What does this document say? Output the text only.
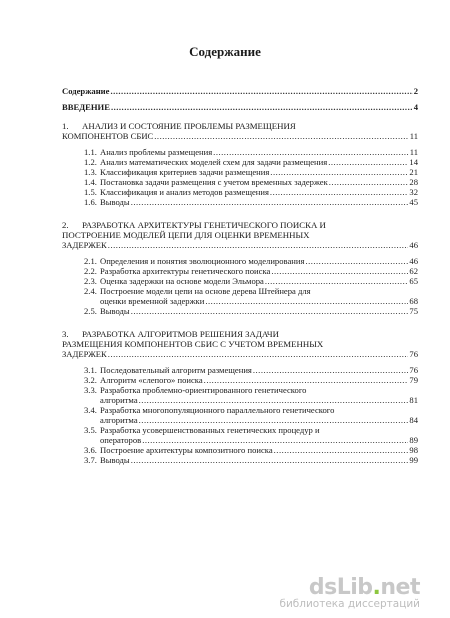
Содержание
Содержание .....	2
ВВЕДЕНИЕ .....	4
1.	АНАЛИЗ И СОСТОЯНИЕ ПРОБЛЕМЫ РАЗМЕЩЕНИЯ
КОМПОНЕНТОВ СБИС .....	11
1.1. Анализ проблемы размещения .....	11
1.2. Анализ математических моделей схем для задачи размещения .....	14
1.3. Классификация критериев задачи размещения .....	21
1.4. Постановка задачи размещения с учетом временных задержек .....	28
1.5. Классификация и анализ методов размещения .....	32
1.6. Выводы .....	45
2.	РАЗРАБОТКА АРХИТЕКТУРЫ ГЕНЕТИЧЕСКОГО ПОИСКА И
ПОСТРОЕНИЕ МОДЕЛЕЙ ЦЕПИ ДЛЯ ОЦЕНКИ ВРЕМЕННЫХ
ЗАДЕРЖЕК .....	46
2.1. Определения и понятия эволюционного моделирования .....	46
2.2. Разработка архитектуры генетического поиска .....	62
2.3. Оценка задержки на основе модели Эльмора .....	65
2.4. Построение модели цепи на основе дерева Штейнера для
оценки временной задержки .....	68
2.5. Выводы .....	75
3.	РАЗРАБОТКА АЛГОРИТМОВ РЕШЕНИЯ ЗАДАЧИ
РАЗМЕЩЕНИЯ КОМПОНЕНТОВ СБИС С УЧЕТОМ ВРЕМЕННЫХ
ЗАДЕРЖЕК .....	76
3.1. Последовательный алгоритм размещения .....	76
3.2. Алгоритм «слепого» поиска .....	79
3.3. Разработка проблемно-ориентированного генетического
алгоритма .....	81
3.4. Разработка многопопуляционного параллельного генетического
алгоритма .....	84
3.5. Разработка усовершенствованных генетических процедур и
операторов .....	89
3.6. Построение архитектуры композитного поиска .....	98
3.7. Выводы .....	99
dsLib.net
библиотека диссертаций
